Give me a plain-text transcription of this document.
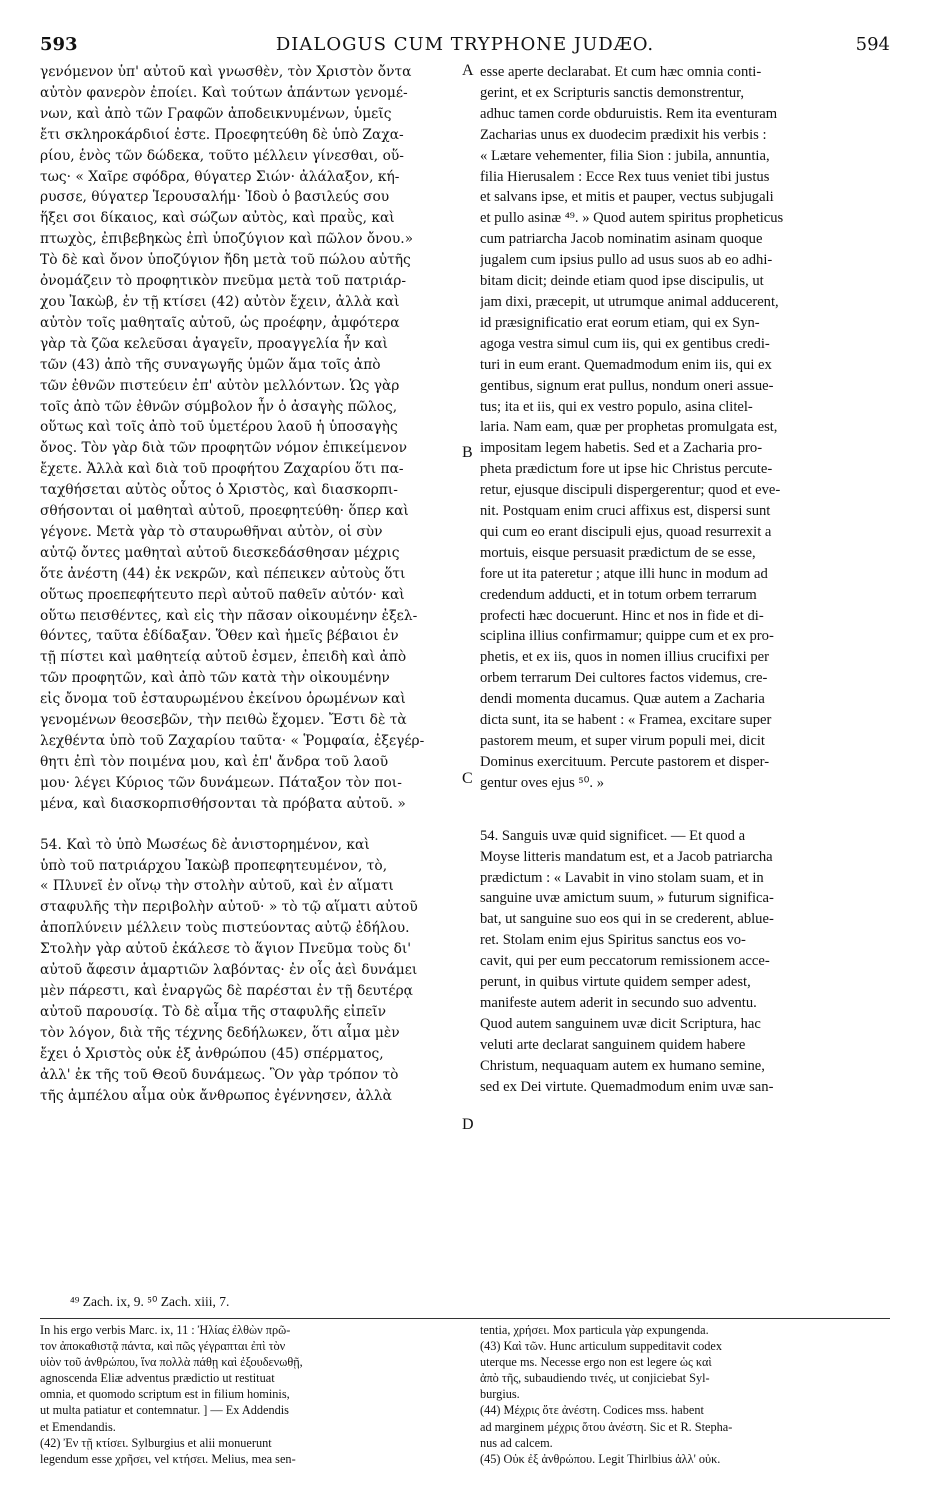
593	DIALOGUS CUM TRYPHONE JUDÆO.	594
γενόμενον ὑπ' αὐτοῦ καὶ γνωσθὲν, τὸν Χριστὸν ὄντα
αὐτὸν φανερὸν ἐποίει. Καὶ τούτων ἁπάντων γενομέ-
νων, καὶ ἀπὸ τῶν Γραφῶν ἀποδεικνυμένων, ὑμεῖς
ἔτι σκληροκάρδιοί ἐστε. Προεφητεύθη δὲ ὑπὸ Ζαχα-
ρίου, ἑνὸς τῶν δώδεκα, τοῦτο μέλλειν γίνεσθαι, οὕ-
τως· « Χαῖρε σφόδρα, θύγατερ Σιών· ἀλάλαξον, κή-
ρυσσε, θύγατερ Ἱερουσαλήμ· Ἰδοὺ ὁ βασιλεύς σου
ἥξει σοι δίκαιος, καὶ σώζων αὐτὸς, καὶ πραῢς, καὶ
πτωχὸς, ἐπιβεβηκὼς ἐπὶ ὑποζύγιον καὶ πῶλον ὄνου.»
Τὸ δὲ καὶ ὄνον ὑποζύγιον ἤδη μετὰ τοῦ πώλου αὐτῆς
ὀνομάζειν τὸ προφητικὸν πνεῦμα μετὰ τοῦ πατριάρ-
χου Ἰακὼβ, ἐν τῇ κτίσει (42) αὐτὸν ἔχειν, ἀλλὰ καὶ
αὐτὸν τοῖς μαθηταῖς αὐτοῦ, ὡς προέφην, ἀμφότερα
γὰρ τὰ ζῶα κελεῦσαι ἀγαγεῖν, προαγγελία ἦν καὶ
τῶν (43) ἀπὸ τῆς συναγωγῆς ὑμῶν ἅμα τοῖς ἀπὸ
τῶν ἐθνῶν πιστεύειν ἐπ' αὐτὸν μελλόντων. Ὡς γὰρ
τοῖς ἀπὸ τῶν ἐθνῶν σύμβολον ἦν ὁ ἀσαγὴς πῶλος,
οὕτως καὶ τοῖς ἀπὸ τοῦ ὑμετέρου λαοῦ ἡ ὑποσαγὴς
ὄνος. Τὸν γὰρ διὰ τῶν προφητῶν νόμον ἐπικείμενον
ἔχετε. Ἀλλὰ καὶ διὰ τοῦ προφήτου Ζαχαρίου ὅτι πα-
ταχθήσεται αὐτὸς οὗτος ὁ Χριστὸς, καὶ διασκορπι-
σθήσονται οἱ μαθηταὶ αὐτοῦ, προεφητεύθη· ὅπερ καὶ
γέγονε. Μετὰ γὰρ τὸ σταυρωθῆναι αὐτὸν, οἱ σὺν
αὐτῷ ὄντες μαθηταὶ αὐτοῦ διεσκεδάσθησαν μέχρις
ὅτε ἀνέστη (44) ἐκ νεκρῶν, καὶ πέπεικεν αὐτοὺς ὅτι
οὕτως προεπεφήτευτο περὶ αὐτοῦ παθεῖν αὐτόν· καὶ
οὕτω πεισθέντες, καὶ εἰς τὴν πᾶσαν οἰκουμένην ἐξελ-
θόντες, ταῦτα ἐδίδαξαν. Ὅθεν καὶ ἡμεῖς βέβαιοι ἐν
τῇ πίστει καὶ μαθητείᾳ αὐτοῦ ἐσμεν, ἐπειδὴ καὶ ἀπὸ
τῶν προφητῶν, καὶ ἀπὸ τῶν κατὰ τὴν οἰκουμένην
εἰς ὄνομα τοῦ ἐσταυρωμένου ἐκείνου ὁρωμένων καὶ
γενομένων θεοσεβῶν, τὴν πειθὼ ἔχομεν. Ἔστι δὲ τὰ
λεχθέντα ὑπὸ τοῦ Ζαχαρίου ταῦτα· « Ῥομφαία, ἐξεγέρ-
θητι ἐπὶ τὸν ποιμένα μου, καὶ ἐπ' ἄνδρα τοῦ λαοῦ
μου· λέγει Κύριος τῶν δυνάμεων. Πάταξον τὸν ποι-
μένα, καὶ διασκορπισθήσονται τὰ πρόβατα αὐτοῦ. »
54. Καὶ τὸ ὑπὸ Μωσέως δὲ ἀνιστορημένον, καὶ
ὑπὸ τοῦ πατριάρχου Ἰακὼβ προπεφητευμένον, τὸ,
« Πλυνεῖ ἐν οἴνῳ τὴν στολὴν αὐτοῦ, καὶ ἐν αἵματι
σταφυλῆς τὴν περιβολὴν αὐτοῦ· » τὸ τῷ αἵματι αὐτοῦ
ἀποπλύνειν μέλλειν τοὺς πιστεύοντας αὐτῷ ἐδήλου.
Στολὴν γὰρ αὐτοῦ ἐκάλεσε τὸ ἅγιον Πνεῦμα τοὺς δι'
αὐτοῦ ἄφεσιν ἁμαρτιῶν λαβόντας· ἐν οἷς ἀεὶ δυνάμει
μὲν πάρεστι, καὶ ἐναργῶς δὲ παρέσται ἐν τῇ δευτέρᾳ
αὐτοῦ παρουσίᾳ. Τὸ δὲ αἷμα τῆς σταφυλῆς εἰπεῖν
τὸν λόγον, διὰ τῆς τέχνης δεδήλωκεν, ὅτι αἷμα μὲν
ἔχει ὁ Χριστὸς οὐκ ἐξ ἀνθρώπου (45) σπέρματος,
ἀλλ' ἐκ τῆς τοῦ Θεοῦ δυνάμεως. Ὃν γὰρ τρόπον τὸ
τῆς ἀμπέλου αἷμα οὐκ ἄνθρωπος ἐγέννησεν, ἀλλὰ
A
B
C
D
esse aperte declarabat. Et cum hæc omnia conti-
gerint, et ex Scripturis sanctis demonstrentur,
adhuc tamen corde obduruistis. Rem ita eventuram
Zacharias unus ex duodecim prædixit his verbis :
« Lætare vehementer, filia Sion : jubila, annuntia,
filia Hierusalem : Ecce Rex tuus veniet tibi justus
et salvans ipse, et mitis et pauper, vectus subjugali
et pullo asinæ ⁴⁹. » Quod autem spiritus propheticus
cum patriarcha Jacob nominatim asinam quoque
jugalem cum ipsius pullo ad usus suos ab eo adhi-
bitam dicit; deinde etiam quod ipse discipulis, ut
jam dixi, præcepit, ut utrumque animal adducerent,
id præsignificatio erat eorum etiam, qui ex Syn-
agoga vestra simul cum iis, qui ex gentibus credi-
turi in eum erant. Quemadmodum enim iis, qui ex
gentibus, signum erat pullus, nondum oneri assue-
tus; ita et iis, qui ex vestro populo, asina clitel-
laria. Nam eam, quæ per prophetas promulgata est,
impositam legem habetis. Sed et a Zacharia pro-
pheta prædictum fore ut ipse hic Christus percute-
retur, ejusque discipuli dispergerentur; quod et eve-
nit. Postquam enim cruci affixus est, dispersi sunt
qui cum eo erant discipuli ejus, quoad resurrexit a
mortuis, eisque persuasit prædictum de se esse,
fore ut ita pateretur ; atque illi hunc in modum ad
credendum adducti, et in totum orbem terrarum
profecti hæc docuerunt. Hinc et nos in fide et di-
sciplina illius confirmamur; quippe cum et ex pro-
phetis, et ex iis, quos in nomen illius crucifixi per
orbem terrarum Dei cultores factos videmus, cre-
dendi momenta ducamus. Quæ autem a Zacharia
dicta sunt, ita se habent : « Framea, excitare super
pastorem meum, et super virum populi mei, dicit
Dominus exercituum. Percute pastorem et disper-
gentur oves ejus ⁵⁰. »
54. Sanguis uvæ quid significet. — Et quod a
Moyse litteris mandatum est, et a Jacob patriarcha
prædictum : « Lavabit in vino stolam suam, et in
sanguine uvæ amictum suum, » futurum significa-
bat, ut sanguine suo eos qui in se crederent, ablue-
ret. Stolam enim ejus Spiritus sanctus eos vo-
cavit, qui per eum peccatorum remissionem acce-
perunt, in quibus virtute quidem semper adest,
manifeste autem aderit in secundo suo adventu.
Quod autem sanguinem uvæ dicit Scriptura, hac
veluti arte declarat sanguinem quidem habere
Christum, nequaquam autem ex humano semine,
sed ex Dei virtute. Quemadmodum enim uvæ san-
⁴⁹ Zach. ix, 9. ⁵⁰ Zach. xiii, 7.
In his ergo verbis Marc. ix, 11 : Ἠλίας ἐλθὼν πρῶ-
τον ἀποκαθιστᾷ πάντα, καὶ πῶς γέγραπται ἐπὶ τὸν
υἱὸν τοῦ ἀνθρώπου, ἵνα πολλὰ πάθῃ καὶ ἐξουδενωθῇ,
agnoscenda Eliæ adventus prædictio ut restituat
omnia, et quomodo scriptum est in filium hominis,
ut multa patiatur et contemnatur. ] — Ex Addendis
et Emendandis.
(42) Ἐν τῇ κτίσει. Sylburgius et alii monuerunt
legendum esse χρῆσει, vel κτήσει. Melius, mea sen-
tentia, χρήσει. Mox particula γὰρ expungenda.
(43) Καὶ τῶν. Hunc articulum suppeditavit codex
uterque ms. Necesse ergo non est legere ὡς καὶ
ἀπὸ τῆς, subaudiendo τινές, ut conjiciebat Syl-
burgius.
(44) Μέχρις ὅτε ἀνέστη. Codices mss. habent
ad marginem μέχρις ὅτου ἀνέστη. Sic et R. Stepha-
nus ad calcem.
(45) Οὐκ ἐξ ἀνθρώπου. Legit Thirlbius ἀλλ' οὐκ.
